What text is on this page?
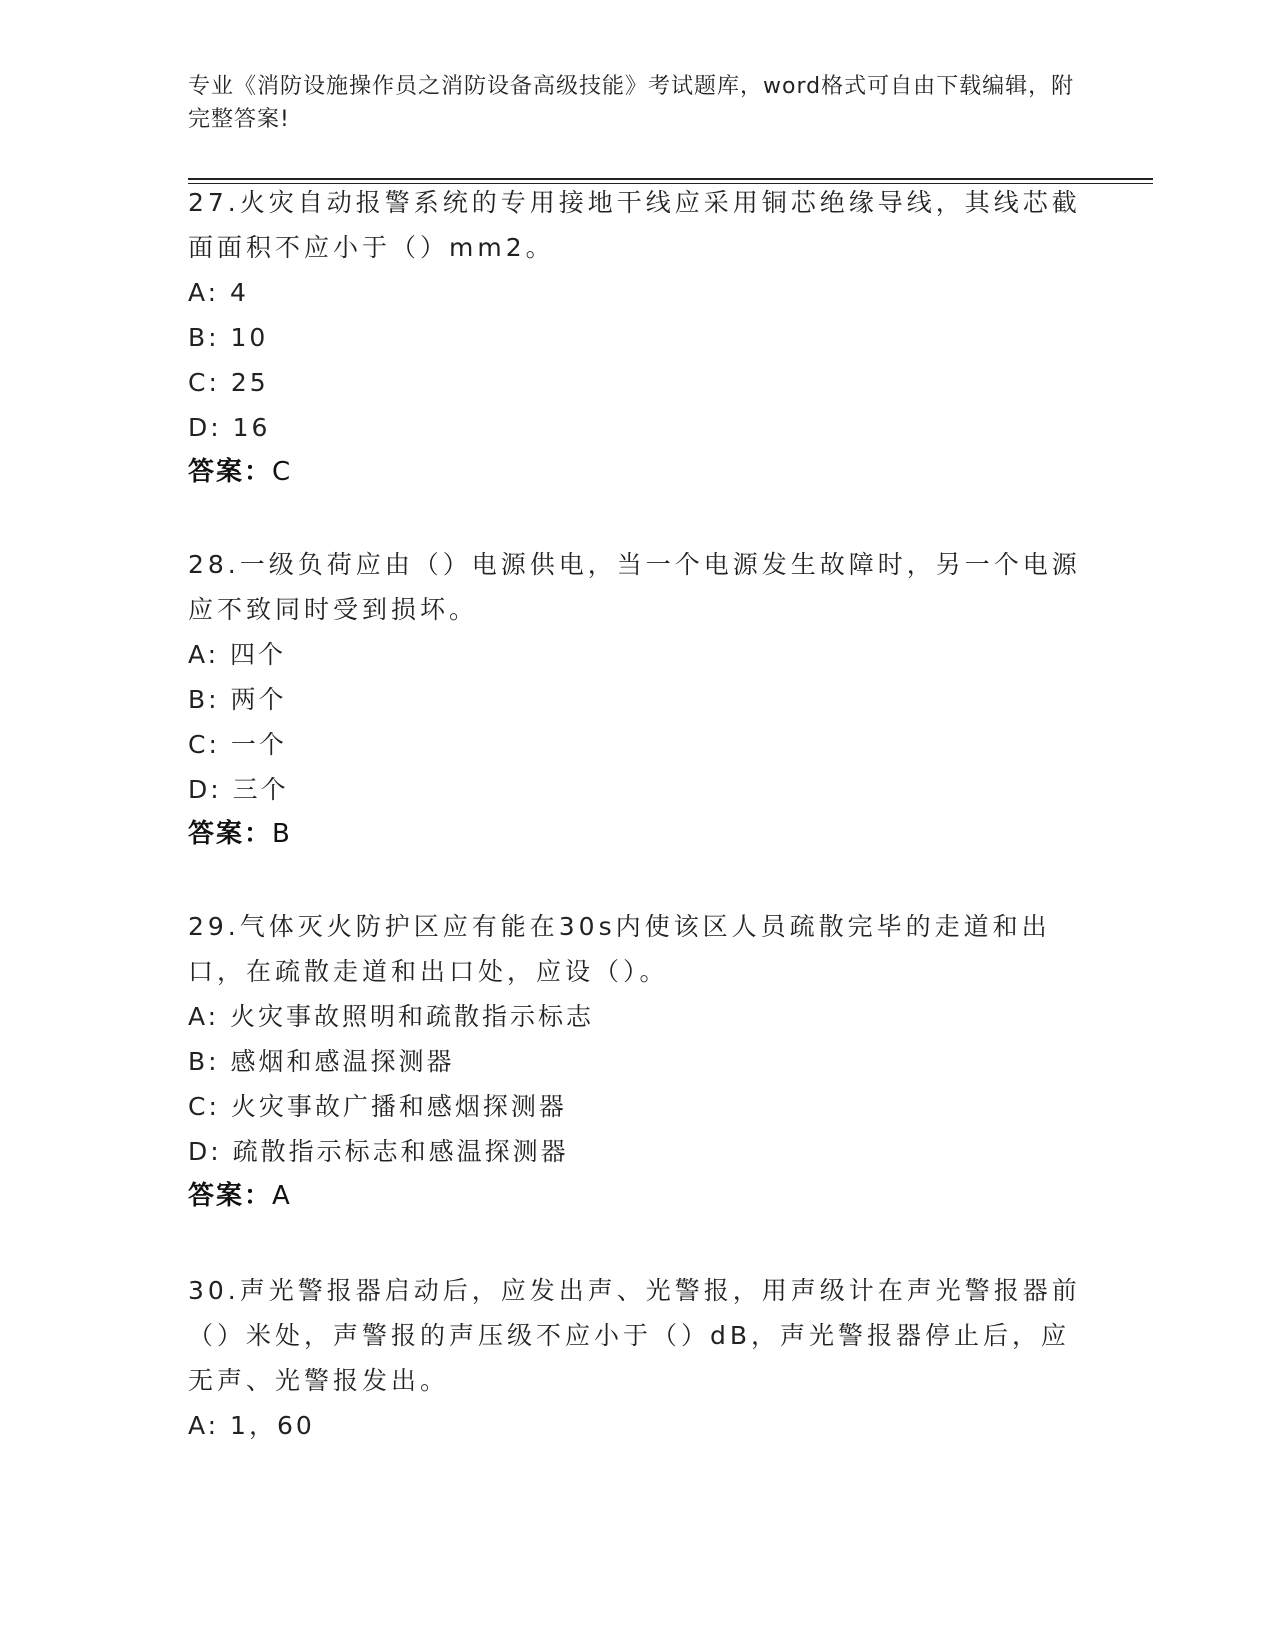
专业《消防设施操作员之消防设备高级技能》考试题库，word格式可自由下载编辑，附完整答案!

27.火灾自动报警系统的专用接地干线应采用铜芯绝缘导线，其线芯截面面积不应小于（）mm2。

A: 4

B: 10

C: 25

D: 16

答案：C

28.一级负荷应由（）电源供电，当一个电源发生故障时，另一个电源应不致同时受到损坏。

A: 四个

B: 两个

C: 一个

D: 三个

答案：B

29.气体灭火防护区应有能在30s内使该区人员疏散完毕的走道和出口，在疏散走道和出口处，应设（）。

A: 火灾事故照明和疏散指示标志

B: 感烟和感温探测器

C: 火灾事故广播和感烟探测器

D: 疏散指示标志和感温探测器

答案：A

30.声光警报器启动后，应发出声、光警报，用声级计在声光警报器前（）米处，声警报的声压级不应小于（）dB，声光警报器停止后，应无声、光警报发出。

A: 1，60
